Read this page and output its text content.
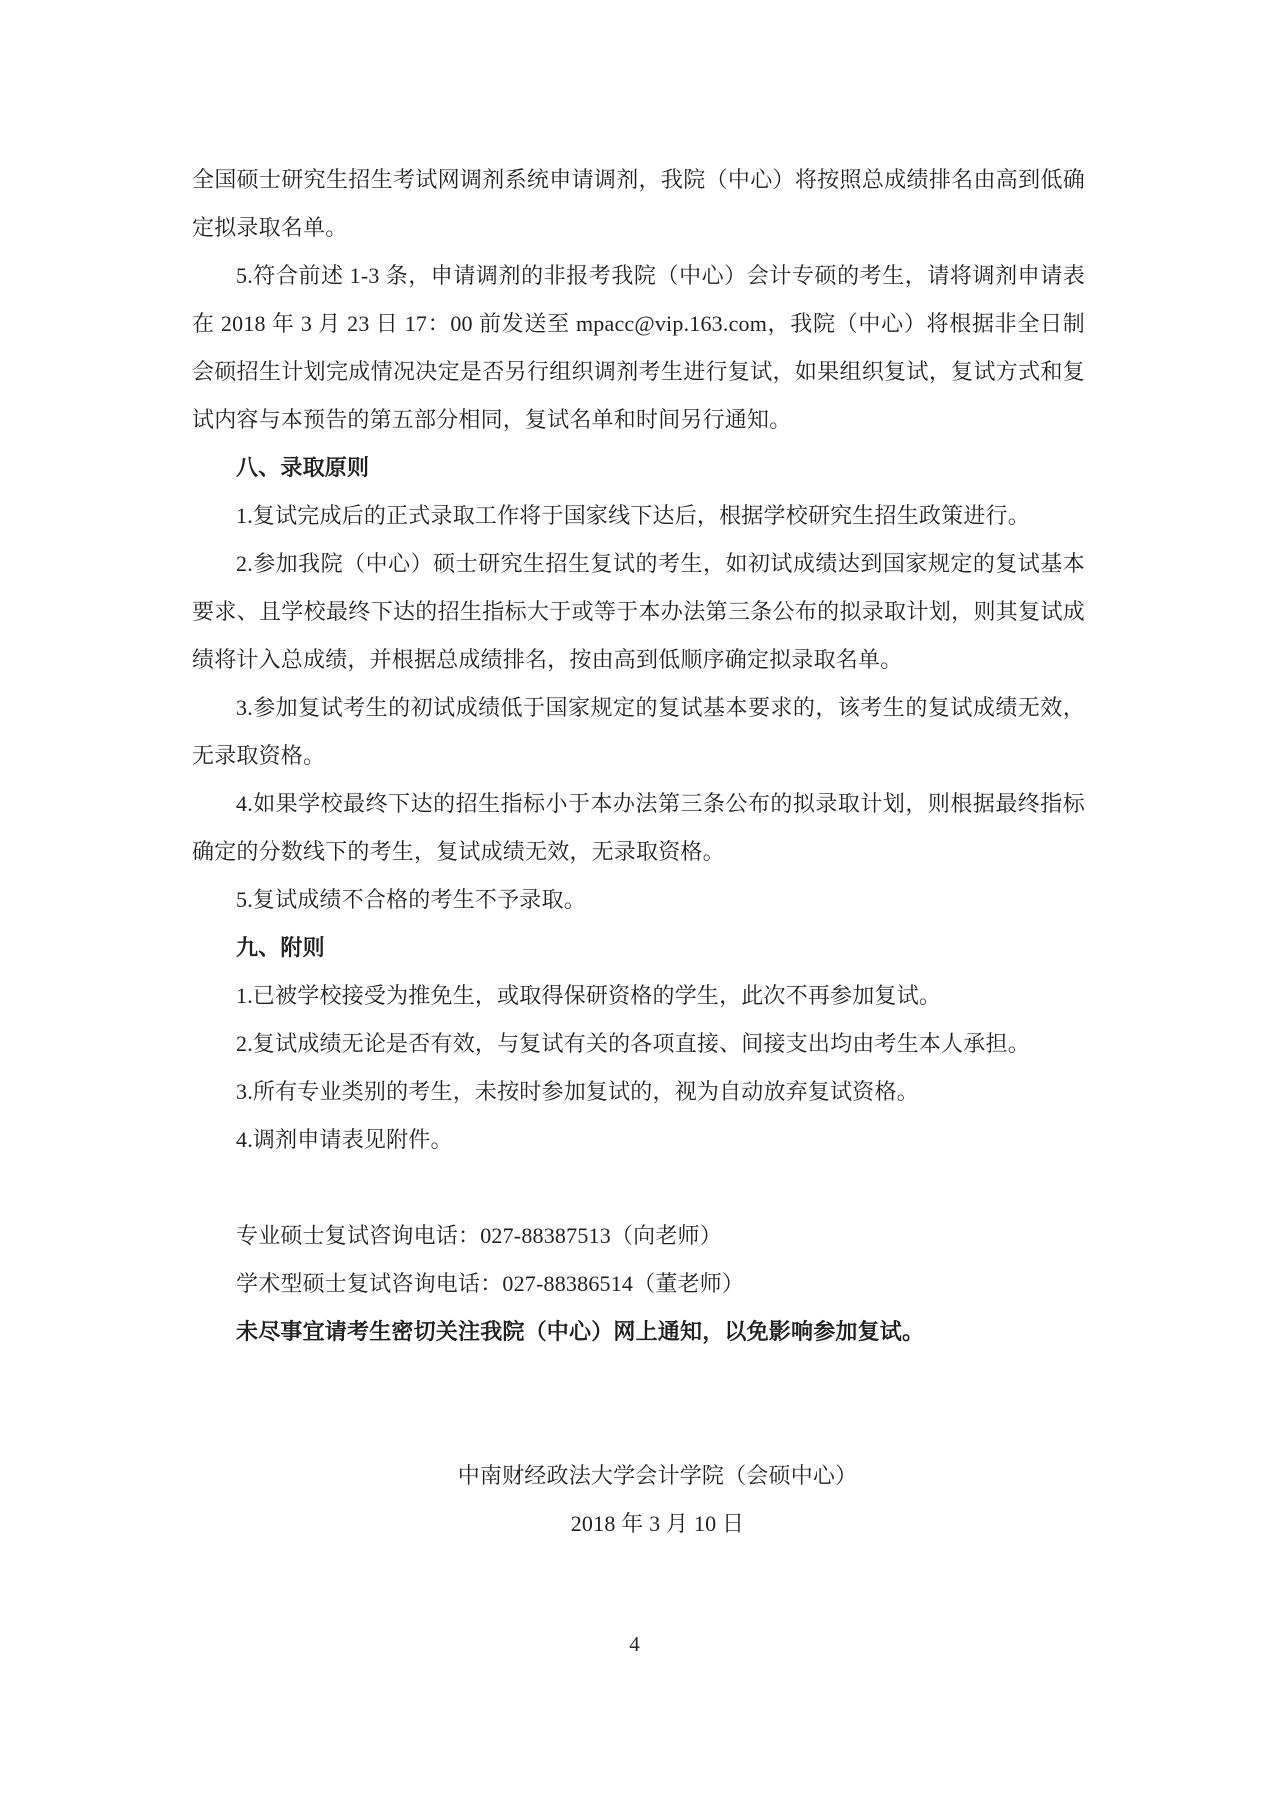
全国硕士研究生招生考试网调剂系统申请调剂，我院（中心）将按照总成绩排名由高到低确
定拟录取名单。
5.符合前述 1-3 条，申请调剂的非报考我院（中心）会计专硕的考生，请将调剂申请表
在 2018 年 3 月 23 日 17：00 前发送至 mpacc@vip.163.com，我院（中心）将根据非全日制
会硕招生计划完成情况决定是否另行组织调剂考生进行复试，如果组织复试，复试方式和复
试内容与本预告的第五部分相同，复试名单和时间另行通知。
八、录取原则
1.复试完成后的正式录取工作将于国家线下达后，根据学校研究生招生政策进行。
2.参加我院（中心）硕士研究生招生复试的考生，如初试成绩达到国家规定的复试基本
要求、且学校最终下达的招生指标大于或等于本办法第三条公布的拟录取计划，则其复试成
绩将计入总成绩，并根据总成绩排名，按由高到低顺序确定拟录取名单。
3.参加复试考生的初试成绩低于国家规定的复试基本要求的，该考生的复试成绩无效，
无录取资格。
4.如果学校最终下达的招生指标小于本办法第三条公布的拟录取计划，则根据最终指标
确定的分数线下的考生，复试成绩无效，无录取资格。
5.复试成绩不合格的考生不予录取。
九、附则
1.已被学校接受为推免生，或取得保研资格的学生，此次不再参加复试。
2.复试成绩无论是否有效，与复试有关的各项直接、间接支出均由考生本人承担。
3.所有专业类别的考生，未按时参加复试的，视为自动放弃复试资格。
4.调剂申请表见附件。
专业硕士复试咨询电话：027-88387513（向老师）
学术型硕士复试咨询电话：027-88386514（董老师）
未尽事宜请考生密切关注我院（中心）网上通知，以免影响参加复试。
中南财经政法大学会计学院（会硕中心）
2018 年 3 月 10 日
4
